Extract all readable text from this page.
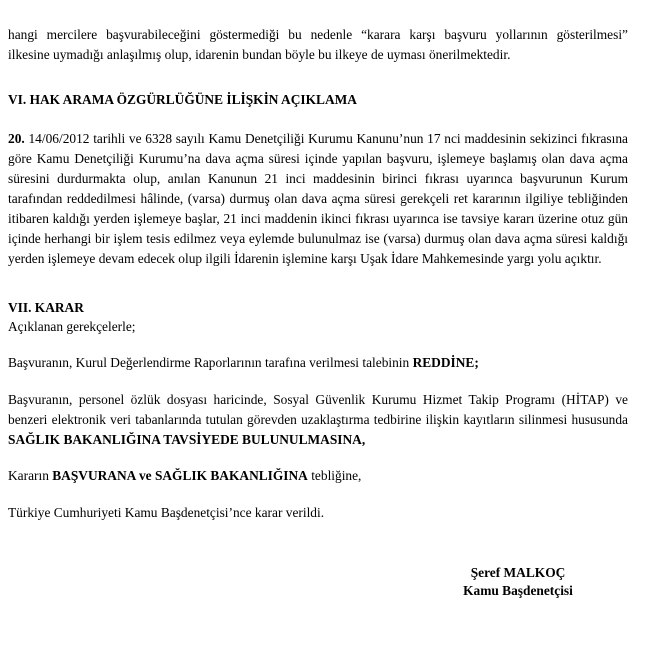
hangi mercilere başvurabileceğini göstermediği bu nedenle “karara karşı başvuru yollarının gösterilmesi”
ilkesine uymadığı anlaşılmış olup, idarenin bundan böyle bu ilkeye de uyması önerilmektedir.

VI. HAK ARAMA ÖZGÜRLÜĞÜNE İLİŞKİN AÇIKLAMA

20. 14/06/2012 tarihli ve 6328 sayılı Kamu Denetçiliği Kurumu Kanunu’nun 17 nci maddesinin sekizinci fıkrasına göre Kamu Denetçiliği Kurumu’na dava açma süresi içinde yapılan başvuru, işlemeye başlamış olan dava açma süresini durdurmakta olup, anılan Kanunun 21 inci maddesinin birinci fıkrası uyarınca başvurunun Kurum tarafından reddedilmesi hâlinde, (varsa) durmuş olan dava açma süresi gerekçeli ret kararının ilgiliye tebliğinden itibaren kaldığı yerden işlemeye başlar, 21 inci maddenin ikinci fıkrası uyarınca ise tavsiye kararı üzerine otuz gün içinde herhangi bir işlem tesis edilmez veya eylemde bulunulmaz ise (varsa) durmuş olan dava açma süresi kaldığı yerden işlemeye devam edecek olup ilgili İdarenin işlemine karşı Uşak İdare Mahkemesinde yargı yolu açıktır.

VII. KARAR

Açıklanan gerekçelerle;

Başvuranın, Kurul Değerlendirme Raporlarının tarafına verilmesi talebinin REDDİNE;

Başvuranın, personel özlük dosyası haricinde, Sosyal Güvenlik Kurumu Hizmet Takip Programı (HİTAP) ve benzeri elektronik veri tabanlarında tutulan görevden uzaklaştırma tedbirine ilişkin kayıtların silinmesi hususunda SAĞLIK BAKANLIĞINA TAVSİYEDE BULUNULMASINA,

Kararın BAŞVURANA ve SAĞLIK BAKANLIĞINA tebliğine,

Türkiye Cumhuriyeti Kamu Başdenetçisi’nce karar verildi.

Şeref MALKOÇ
Kamu Başdenetçisi
